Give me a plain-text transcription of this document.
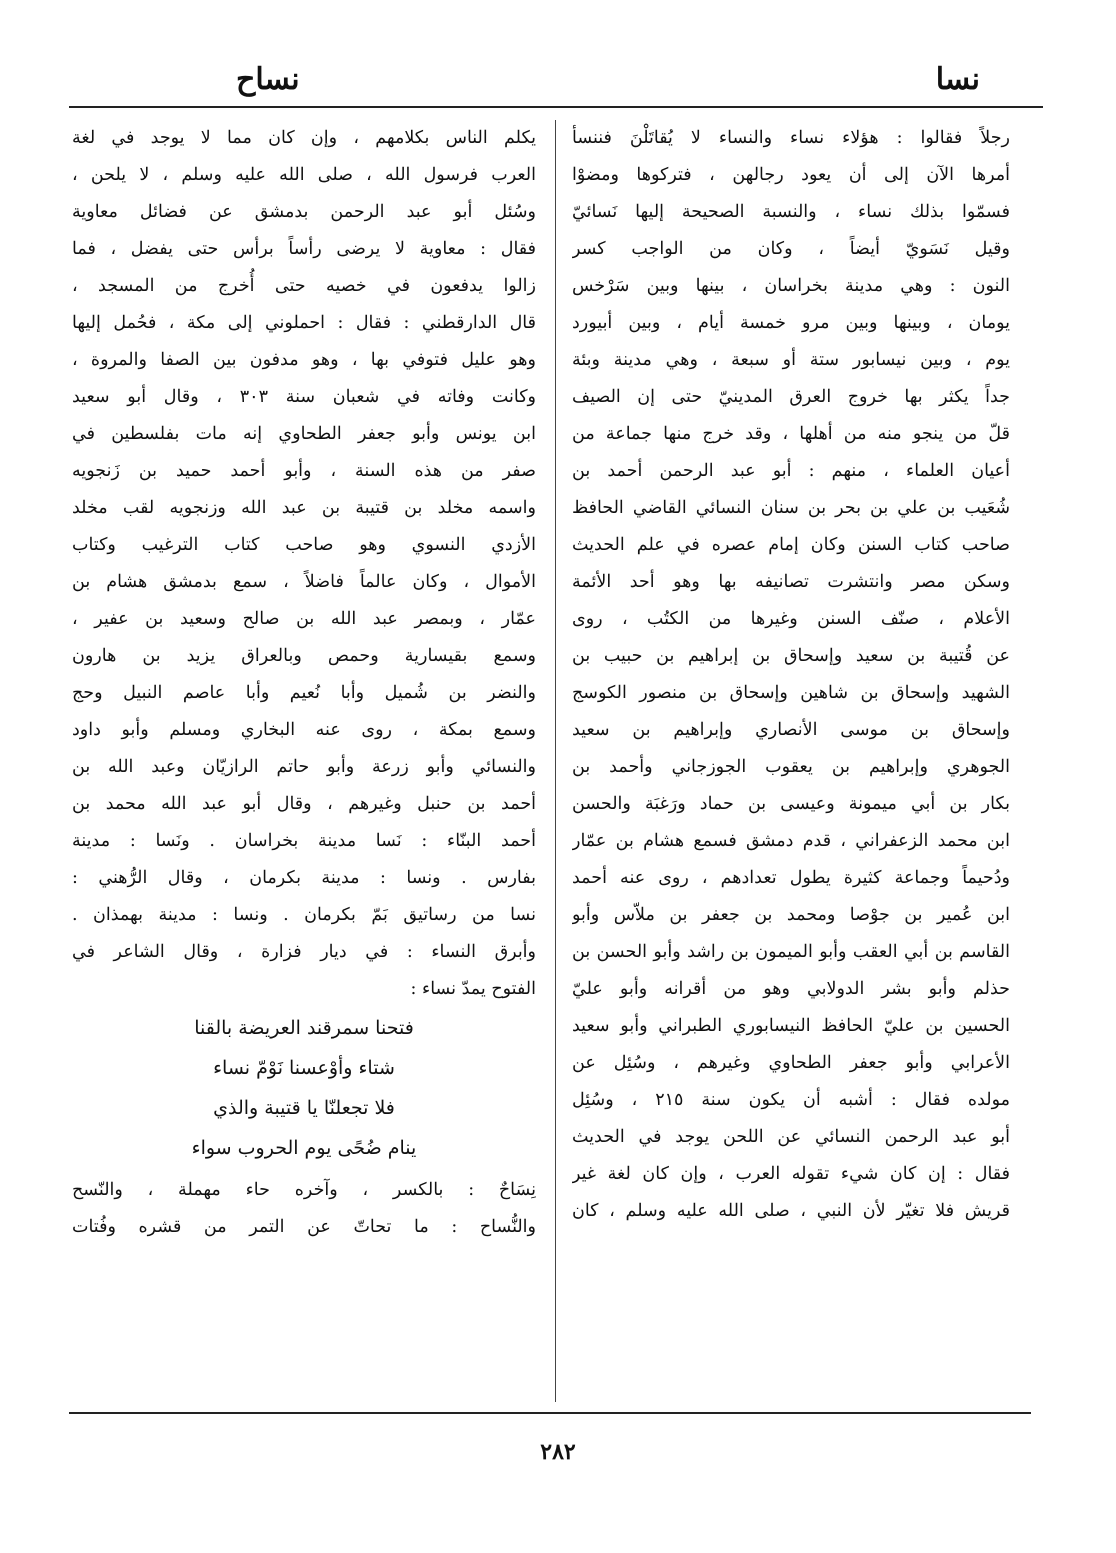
نسا
نساح
رجلاً فقالوا : هؤلاء نساء والنساء لا يُقاتَلْنَ فننسأ
أمرها الآن إلى أن يعود رجالهن ، فتركوها ومضوْا
فسمّوا بذلك نساء ، والنسبة الصحيحة إليها نَسائيّ
وقيل نَسَويّ أيضاً ، وكان من الواجب كسر
النون : وهي مدينة بخراسان ، بينها وبين سَرْخس
يومان ، وبينها وبين مرو خمسة أيام ، وبين أبيورد
يوم ، وبين نيسابور ستة أو سبعة ، وهي مدينة وبئة
جداً يكثر بها خروج العرق المدينيّ حتى إن الصيف
قلّ من ينجو منه من أهلها ، وقد خرج منها جماعة من
أعيان العلماء ، منهم : أبو عبد الرحمن أحمد بن
شُعَيب بن علي بن بحر بن سنان النسائي القاضي الحافظ
صاحب كتاب السنن وكان إمام عصره في علم الحديث
وسكن مصر وانتشرت تصانيفه بها وهو أحد الأئمة
الأعلام ، صنّف السنن وغيرها من الكتُب ، روى
عن قُتيبة بن سعيد وإسحاق بن إبراهيم بن حبيب بن
الشهيد وإسحاق بن شاهين وإسحاق بن منصور الكوسج
وإسحاق بن موسى الأنصاري وإبراهيم بن سعيد
الجوهري وإبراهيم بن يعقوب الجوزجاني وأحمد بن
بكار بن أبي ميمونة وعيسى بن حماد ورَغبَة والحسن
ابن محمد الزعفراني ، قدم دمشق فسمع هشام بن عمّار
ودُحيماً وجماعة كثيرة يطول تعدادهم ، روى عنه أحمد
ابن عُمير بن جوْصا ومحمد بن جعفر بن ملاّس وأبو
القاسم بن أبي العقب وأبو الميمون بن راشد وأبو الحسن بن
حذلم وأبو بشر الدولابي وهو من أقرانه وأبو عليّ
الحسين بن عليّ الحافظ النيسابوري الطبراني وأبو سعيد
الأعرابي وأبو جعفر الطحاوي وغيرهم ، وسُئِل عن
مولده فقال : أشبه أن يكون سنة ٢١٥ ، وسُئِل
أبو عبد الرحمن النسائي عن اللحن يوجد في الحديث
فقال : إن كان شيء تقوله العرب ، وإن كان لغة غير
قريش فلا تغيّر لأن النبي ، صلى الله عليه وسلم ، كان
يكلم الناس بكلامهم ، وإن كان مما لا يوجد في لغة
العرب فرسول الله ، صلى الله عليه وسلم ، لا يلحن ،
وسُئل أبو عبد الرحمن بدمشق عن فضائل معاوية
فقال : معاوية لا يرضى رأساً برأس حتى يفضل ، فما
زالوا يدفعون في خصيه حتى أُخرج من المسجد ،
قال الدارقطني : فقال : احملوني إلى مكة ، فحُمل إليها
وهو عليل فتوفي بها ، وهو مدفون بين الصفا والمروة ،
وكانت وفاته في شعبان سنة ٣٠٣ ، وقال أبو سعيد
ابن يونس وأبو جعفر الطحاوي إنه مات بفلسطين في
صفر من هذه السنة ، وأبو أحمد حميد بن زَنجويه
واسمه مخلد بن قتيبة بن عبد الله وزنجويه لقب مخلد
الأزدي النسوي وهو صاحب كتاب الترغيب وكتاب
الأموال ، وكان عالماً فاضلاً ، سمع بدمشق هشام بن
عمّار ، وبمصر عبد الله بن صالح وسعيد بن عفير ،
وسمع بقيسارية وحمص وبالعراق يزيد بن هارون
والنضر بن شُميل وأبا نُعيم وأبا عاصم النبيل وحج
وسمع بمكة ، روى عنه البخاري ومسلم وأبو داود
والنسائي وأبو زرعة وأبو حاتم الرازيّان وعبد الله بن
أحمد بن حنبل وغيرهم ، وقال أبو عبد الله محمد بن
أحمد البنّاء : نَسا مدينة بخراسان . ونَسا : مدينة
بفارس . ونسا : مدينة بكرمان ، وقال الرُّهني :
نسا من رساتيق بَمّ بكرمان . ونسا : مدينة بهمذان .
وأبرق النساء : في ديار فزارة ، وقال الشاعر في
الفتوح يمدّ نساء :
فتحنا سمرقند العريضة بالقنا
شتاء وأوْعسنا نَوْمّ نساء
فلا تجعلنّا يا قتيبة والذي
ينام ضُحًى يوم الحروب سواء
نِسَاحٌ : بالكسر ، وآخره حاء مهملة ، والنّسح
والنُّساح : ما تحاتّ عن التمر من قشره وفُتات
٢٨٢
